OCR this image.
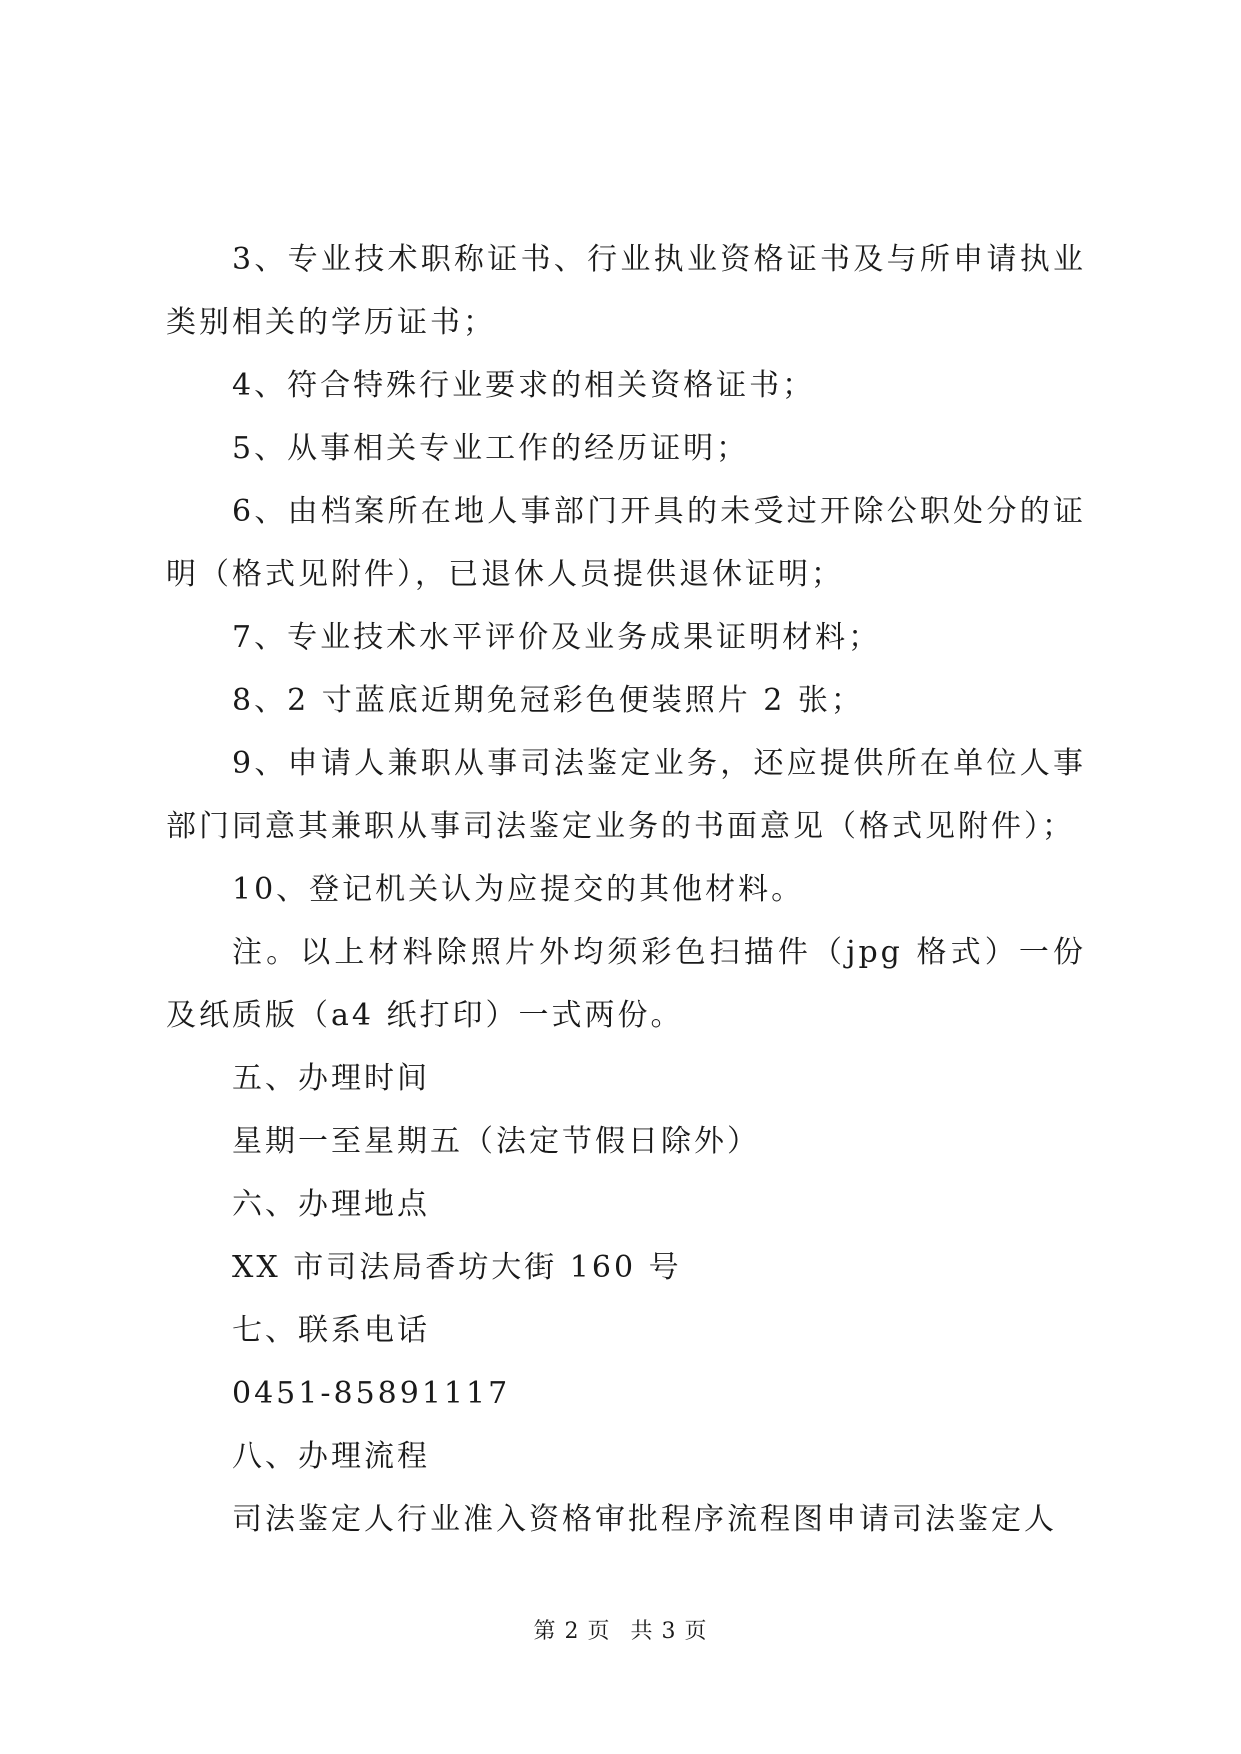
3、专业技术职称证书、行业执业资格证书及与所申请执业类别相关的学历证书；

4、符合特殊行业要求的相关资格证书；

5、从事相关专业工作的经历证明；

6、由档案所在地人事部门开具的未受过开除公职处分的证明（格式见附件），已退休人员提供退休证明；

7、专业技术水平评价及业务成果证明材料；

8、2 寸蓝底近期免冠彩色便装照片 2 张；

9、申请人兼职从事司法鉴定业务，还应提供所在单位人事部门同意其兼职从事司法鉴定业务的书面意见（格式见附件）；

10、登记机关认为应提交的其他材料。

注。以上材料除照片外均须彩色扫描件（jpg 格式）一份及纸质版（a4 纸打印）一式两份。

五、办理时间

星期一至星期五（法定节假日除外）

六、办理地点

XX 市司法局香坊大街 160 号

七、联系电话

0451-85891117

八、办理流程

司法鉴定人行业准入资格审批程序流程图申请司法鉴定人

第 2 页 共 3 页
